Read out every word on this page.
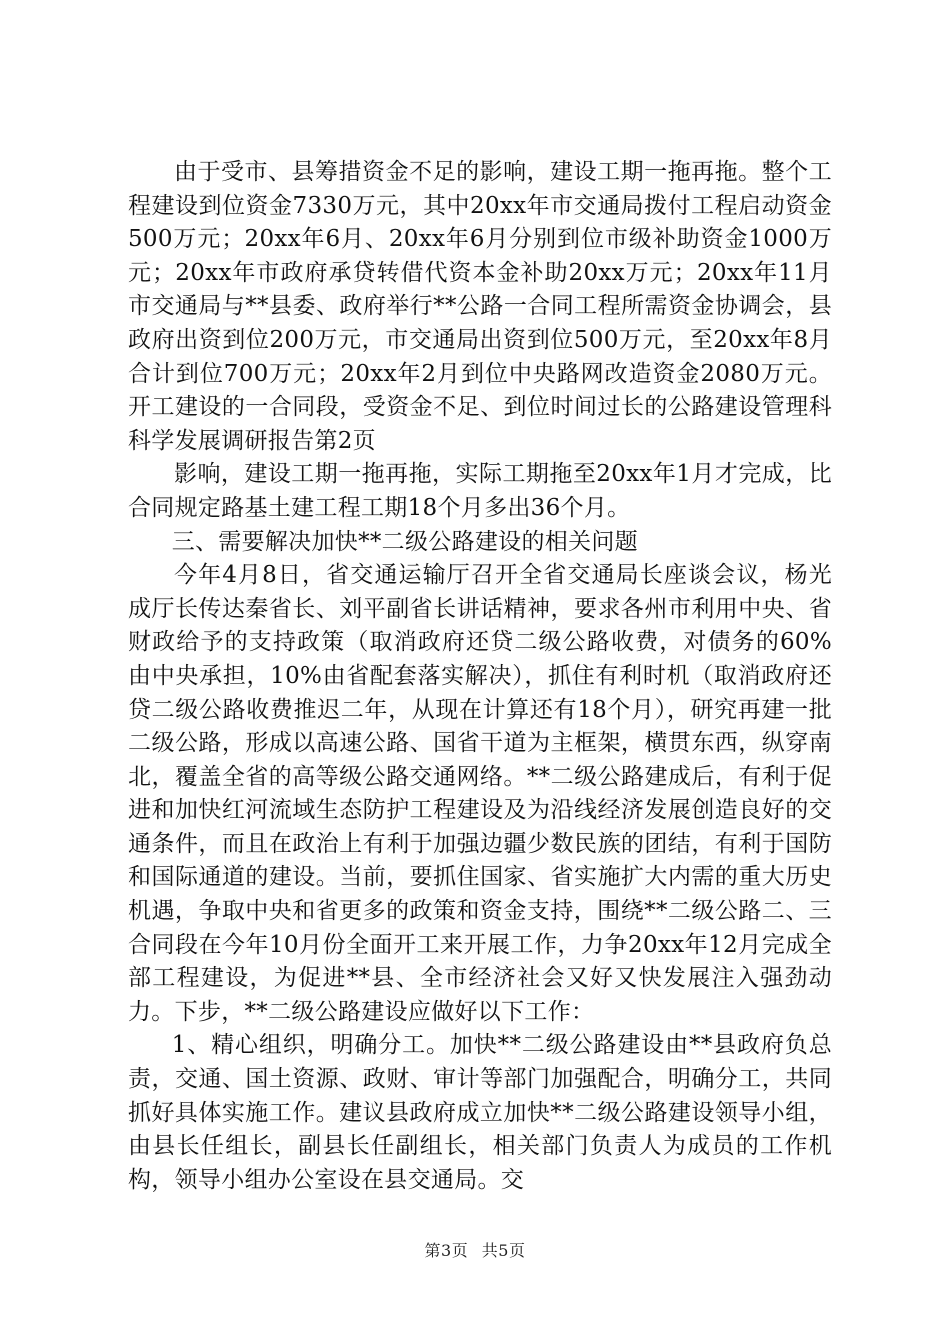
由于受市、县筹措资金不足的影响，建设工期一拖再拖。整个工程建设到位资金7330万元，其中20xx年市交通局拨付工程启动资金500万元；20xx年6月、20xx年6月分别到位市级补助资金1000万元；20xx年市政府承贷转借代资本金补助20xx万元；20xx年11月市交通局与**县委、政府举行**公路一合同工程所需资金协调会，县政府出资到位200万元，市交通局出资到位500万元，至20xx年8月合计到位700万元；20xx年2月到位中央路网改造资金2080万元。开工建设的一合同段，受资金不足、到位时间过长的公路建设管理科科学发展调研报告第2页

影响，建设工期一拖再拖，实际工期拖至20xx年1月才完成，比合同规定路基土建工程工期18个月多出36个月。

三、需要解决加快**二级公路建设的相关问题

今年4月8日，省交通运输厅召开全省交通局长座谈会议，杨光成厅长传达秦省长、刘平副省长讲话精神，要求各州市利用中央、省财政给予的支持政策（取消政府还贷二级公路收费，对债务的60%由中央承担，10%由省配套落实解决），抓住有利时机（取消政府还贷二级公路收费推迟二年，从现在计算还有18个月），研究再建一批二级公路，形成以高速公路、国省干道为主框架，横贯东西，纵穿南北，覆盖全省的高等级公路交通网络。**二级公路建成后，有利于促进和加快红河流域生态防护工程建设及为沿线经济发展创造良好的交通条件，而且在政治上有利于加强边疆少数民族的团结，有利于国防和国际通道的建设。当前，要抓住国家、省实施扩大内需的重大历史机遇，争取中央和省更多的政策和资金支持，围绕**二级公路二、三合同段在今年10月份全面开工来开展工作，力争20xx年12月完成全部工程建设，为促进**县、全市经济社会又好又快发展注入强劲动力。下步，**二级公路建设应做好以下工作：

1、精心组织，明确分工。加快**二级公路建设由**县政府负总责，交通、国土资源、政财、审计等部门加强配合，明确分工，共同抓好具体实施工作。建议县政府成立加快**二级公路建设领导小组，由县长任组长，副县长任副组长，相关部门负责人为成员的工作机构，领导小组办公室设在县交通局。交

第3页 共5页
